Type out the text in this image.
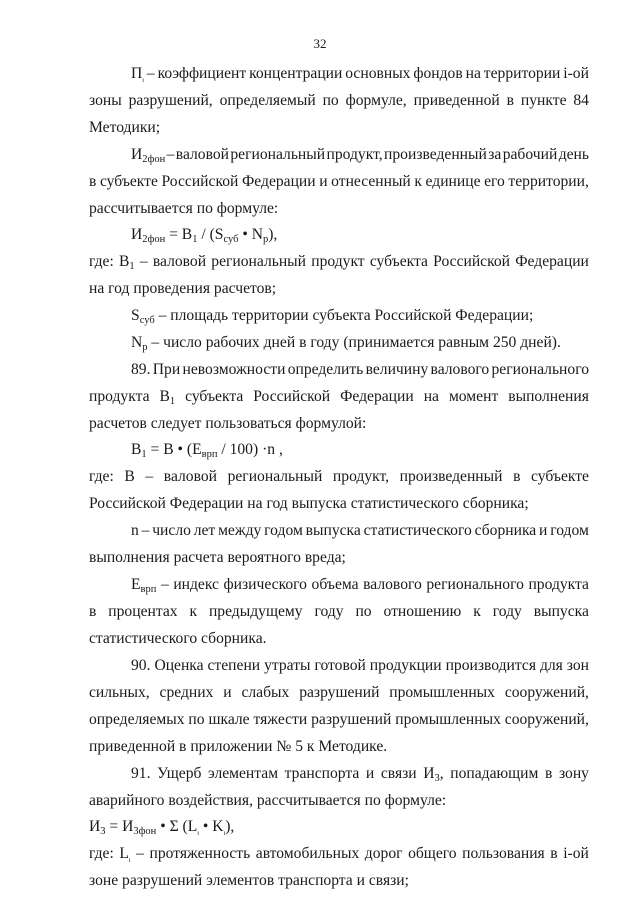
32
Пᵢ – коэффициент концентрации основных фондов на территории i-ой
зоны разрушений, определяемый по формуле, приведенной в пункте 84
Методики;
И2фон – валовой региональный продукт, произведенный за рабочий день
в субъекте Российской Федерации и отнесенный к единице его территории,
рассчитывается по формуле:
И2фон = В1 / (Sсуб • Nр),
где: В1 – валовой региональный продукт субъекта Российской Федерации
на год проведения расчетов;
Sсуб – площадь территории субъекта Российской Федерации;
Nр – число рабочих дней в году (принимается равным 250 дней).
89. При невозможности определить величину валового регионального
продукта В1 субъекта Российской Федерации на момент выполнения
расчетов следует пользоваться формулой:
В1 = В • (Еврп / 100) ·n ,
где: В – валовой региональный продукт, произведенный в субъекте
Российской Федерации на год выпуска статистического сборника;
n – число лет между годом выпуска статистического сборника и годом
выполнения расчета вероятного вреда;
Еврп – индекс физического объема валового регионального продукта
в процентах к предыдущему году по отношению к году выпуска
статистического сборника.
90. Оценка степени утраты готовой продукции производится для зон
сильных, средних и слабых разрушений промышленных сооружений,
определяемых по шкале тяжести разрушений промышленных сооружений,
приведенной в приложении № 5 к Методике.
91. Ущерб элементам транспорта и связи И3, попадающим в зону
аварийного воздействия, рассчитывается по формуле:
И3 = И3фон • Σ (Lᵢ • Kᵢ),
где: Lᵢ – протяженность автомобильных дорог общего пользования в i-ой
зоне разрушений элементов транспорта и связи;
